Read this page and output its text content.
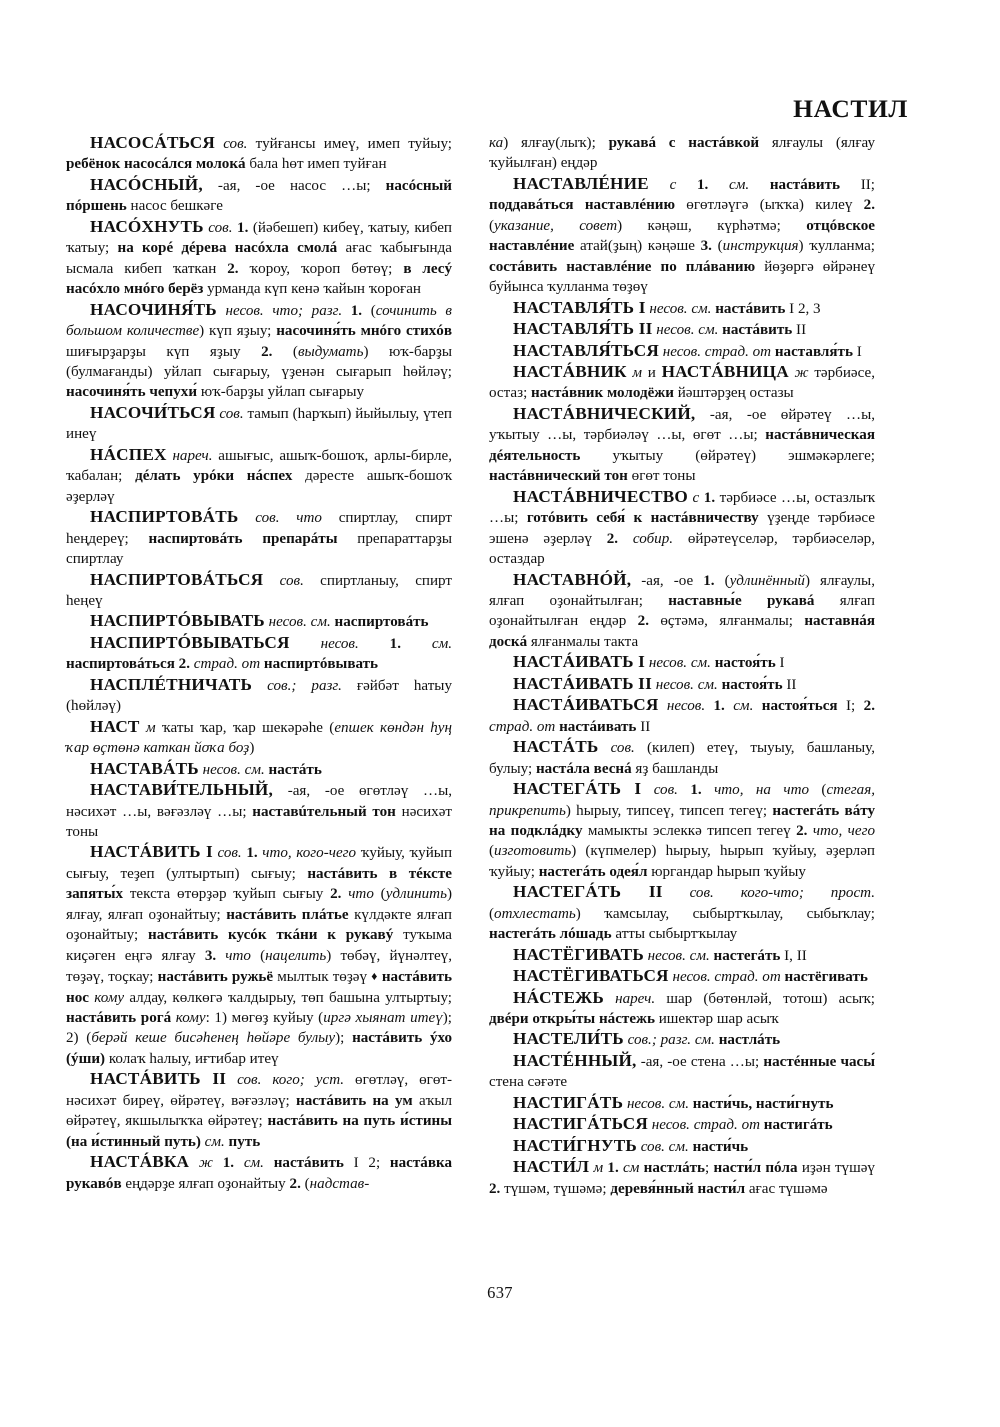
НАСТИЛ

НАСОСÁТЬСЯ сов. туйғансы имеү, имеп туйыу; ребёнок насосáлся молокá бала һөт имеп туйған

НАСÓСНЫЙ, -ая, -ое насос …ы; насóсный пóршень насос бешкәге

НАСÓХНУТЬ сов. 1. (йәбешеп) кибеү, ҡатыу, кибеп ҡатыу; на корé дéрева насóхла смолá ағас ҡабығында ысмала кибеп ҡаткан 2. ҡороу, ҡороп бөтөү; в лесý насóхло мнóго берёз урманда күп кенә ҡайын ҡороған

НАСОЧИНЯ́ТЬ несов. что; разг. 1. (сочинить в большом количестве) күп яҙыу; насочиня́ть мнóго стихóв шиғырҙарҙы күп яҙыу 2. (выдумать) юҡ-барҙы (булмағанды) уйлап сығарыу, үҙенән сығарып һөйләү; насочиня́ть чепухи́ юҡ-барҙы уйлап сығарыу

НАСОЧИ́ТЬСЯ сов. тамып (һарҡып) йыйылыу, үтеп инеү

НÁСПЕХ нареч. ашығыс, ашыҡ-бошоҡ, арлы-бирле, ҡабалан; дéлать урóки нáспех дәресте ашыҡ-бошоҡ әҙерләү

НАСПИРТОВÁТЬ сов. что спиртлау, спирт һеңдереү; наспиртовáть препарáты препараттарҙы спиртлау

НАСПИРТОВÁТЬСЯ сов. спиртланыу, спирт һеңеү

НАСПИРТÓВЫВАТЬ несов. см. наспиртовáть

НАСПИРТÓВЫВАТЬСЯ несов. 1. см. наспиртовáться 2. страд. от наспиртóвывать

НАСПЛÉТНИЧАТЬ сов.; разг. ғәйбәт һатыу (һөйләү)

НАСТ м ҡаты ҡар, ҡар шекәрәһе (епшек көндән һуң ҡар өҫтөнә каткан йоҡа боҙ)

НАСТАВÁТЬ несов. см. настáть

НАСТАВИ́ТЕЛЬНЫЙ, -ая, -ое өгөтләү …ы, нәсихәт …ы, вәғәзләү …ы; наставúтельный тон нәсихәт тоны

НАСТÁВИТЬ I сов. 1. что, кого-чего ҡуйыу, ҡуйып сығыу, теҙеп (ултыртып) сығыу; настáвить в тéксте запяты́х текста өтөрҙәр ҡуйып сығыу 2. что (удлинить) ялғау, ялғап оҙонайтыу; настáвить плáтье күлдәкте ялғап оҙонайтыу; настáвить кусóк ткáни к рукавý туҡыма киҫәген еңгә ялғау 3. что (нацелить) төбәү, йүнәлтеү, төҙәү, тоҫкау; настáвить ружьё мылтык төҙәү ♦ настáвить нос кому алдау, көлкөгә ҡалдырыу, төп башына ултыртыу; настáвить рогá кому: 1) мөгөҙ куйыу (иргә хыянат итеү); 2) (берәй кеше бисәһенең һөйәре булыу); настáвить ýхо (ýши) колаҡ һалыу, иғтибар итеү

НАСТÁВИТЬ II сов. кого; уст. өгөтләү, өгөт-нәсихәт биреү, өйрәтеү, вәғәзләү; настáвить на ум аҡыл өйрәтеү, якшылыҡҡа өйрәтеү; настáвить на путь и́стины (на и́стинный путь) см. путь

НАСТÁВКА ж 1. см. настáвить I 2; настáвка рукавóв еңдәрҙе ялғап оҙонайтыу 2. (надстав-

ка) ялғау(лыҡ); рукавá с настáвкой ялғаулы (ялғау ҡуйылған) еңдәр

НАСТАВЛÉНИЕ с 1. см. настáвить II; поддавáться наставлéнию өгөтләүгә (ыҡҡа) килеү 2. (указание, совет) кәңәш, күрһәтмә; отцóвское наставлéние атай(ҙың) кәңәше 3. (инструкция) ҡулланма; состáвить наставлéние по плáванию йөҙөргә өйрәнеү буйынса ҡулланма төҙөү

НАСТАВЛЯ́ТЬ I несов. см. настáвить I 2, 3

НАСТАВЛЯ́ТЬ II несов. см. настáвить II

НАСТАВЛЯ́ТЬСЯ несов. страд. от наставля́ть I

НАСТÁВНИК м и НАСТÁВНИЦА ж тәрбиәсе, остаз; настáвник молодёжи йәштәрҙең остазы

НАСТÁВНИЧЕСКИЙ, -ая, -ое өйрәтеү …ы, уҡытыу …ы, тәрбиәләү …ы, өгөт …ы; настáвническая дéятельность уҡытыу (өйрәтеү) эшмәкәрлеге; настáвнический тон өгөт тоны

НАСТÁВНИЧЕСТВО с 1. тәрбиәсе …ы, остазлыҡ …ы; готóвить себя́ к настáвничеству үҙеңде тәрбиәсе эшенә әҙерләү 2. собир. өйрәтеүселәр, тәрбиәселәр, остаздар

НАСТАВНÓЙ, -ая, -ое 1. (удлинённый) ялғаулы, ялғап оҙонайтылған; наставны́е рукавá ялғап оҙонайтылған еңдәр 2. өҫтәмә, ялғанмалы; наставнáя доскá ялғанмалы такта

НАСТÁИВАТЬ I несов. см. настоя́ть I

НАСТÁИВАТЬ II несов. см. настоя́ть II

НАСТÁИВАТЬСЯ несов. 1. см. настоя́ться I; 2. страд. от настáивать II

НАСТÁТЬ сов. (килеп) етеү, тыуыу, башланыу, булыу; настáла веснá яҙ башланды

НАСТЕГÁТЬ I сов. 1. что, на что (стегая, прикрепить) һырыу, типсеү, типсеп тегеү; настегáть вáту на подклáдку мамыкты эслеккә типсеп тегеү 2. что, чего (изготовить) (күпмелер) һырыу, һырып ҡуйыу, әҙерләп ҡуйыу; настегáть одея́л юргандар һырып ҡуйыу

НАСТЕГÁТЬ II сов. кого-что; прост. (отхлестать) ҡамсылау, сыбыртҡылау, сыбыҡлау; настегáть лóшадь атты сыбыртҡылау

НАСТЁГИВАТЬ несов. см. настегáть I, II

НАСТЁГИВАТЬСЯ несов. страд. от настёгивать

НÁСТЕЖЬ нареч. шар (бөтөнләй, тотош) асыҡ; двéри откры́ты нáстежь ишектәр шар асыҡ

НАСТЕЛИ́ТЬ сов.; разг. см. настлáть

НАСТÉННЫЙ, -ая, -ое стена …ы; настéнные часы́ стена сәғәте

НАСТИГÁТЬ несов. см. насти́чь, насти́гнуть

НАСТИГÁТЬСЯ несов. страд. от настигáть

НАСТИ́ГНУТЬ сов. см. насти́чь

НАСТИ́Л м 1. см настлáть; насти́л пóла иҙән түшәү 2. түшәм, түшәмә; деревя́нный насти́л ағас түшәмә

637
